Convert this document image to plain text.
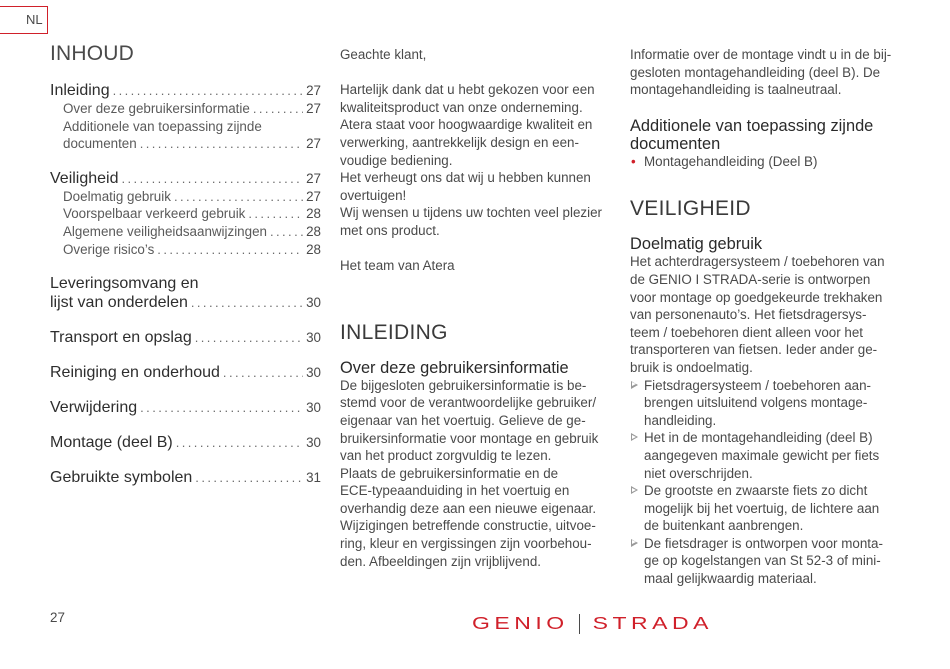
NL
INHOUD
Inleiding . . .	27
Over deze gebruikersinformatie . . .	27
Additionele van toepassing zijnde
documenten . . .	27
Veiligheid . . .	27
Doelmatig gebruik . . .	27
Voorspelbaar verkeerd gebruik . . .	28
Algemene veiligheidsaanwijzingen . . .	28
Overige risico’s . . .	28
Leveringsomvang en
lijst van onderdelen . . .	30
Transport en opslag . . .	30
Reiniging en onderhoud . . .	30
Verwijdering . . .	30
Montage (deel B) . . .	30
Gebruikte symbolen . . .	31

Geachte klant,

Hartelijk dank dat u hebt gekozen voor een

kwaliteitsproduct van onze onderneming.

Atera staat voor hoogwaardige kwaliteit en

verwerking, aantrekkelijk design en een-

voudige bediening.

Het verheugt ons dat wij u hebben kunnen

overtuigen!

Wij wensen u tijdens uw tochten veel plezier

met ons product.

Het team van Atera

INLEIDING
Over deze gebruikersinformatie

De bijgesloten gebruikersinformatie is be-

stemd voor de verantwoordelijke gebruiker/

eigenaar van het voertuig. Gelieve de ge-

bruikersinformatie voor montage en gebruik

van het product zorgvuldig te lezen.

Plaats de gebruikersinformatie en de

ECE-typeaanduiding in het voertuig en

overhandig deze aan een nieuwe eigenaar.

Wijzigingen betreffende constructie, uitvoe-

ring, kleur en vergissingen zijn voorbehou-

den. Afbeeldingen zijn vrijblijvend.

Informatie over de montage vindt u in de bij-

gesloten montagehandleiding (deel B). De

montagehandleiding is taalneutraal.

Additionele van toepassing zijnde
documenten
• Montagehandleiding (Deel B)
VEILIGHEID
Doelmatig gebruik

Het achterdragersysteem / toebehoren van

de GENIO I STRADA-serie is ontworpen

voor montage op goedgekeurde trekhaken

van personenauto’s. Het fietsdragersys-

teem / toebehoren dient alleen voor het

transporteren van fietsen. Ieder ander ge-

bruik is ondoelmatig.

Fietsdragersysteem / toebehoren aan-
brengen uitsluitend volgens montage-
handleiding.
Het in de montagehandleiding (deel B)
aangegeven maximale gewicht per fiets
niet overschrijden.
De grootste en zwaarste fiets zo dicht
mogelijk bij het voertuig, de lichtere aan
de buitenkant aanbrengen.
De fietsdrager is ontworpen voor monta-
ge op kogelstangen van St 52-3 of mini-
maal gelijkwaardig materiaal.
27	GENIO STRADA
